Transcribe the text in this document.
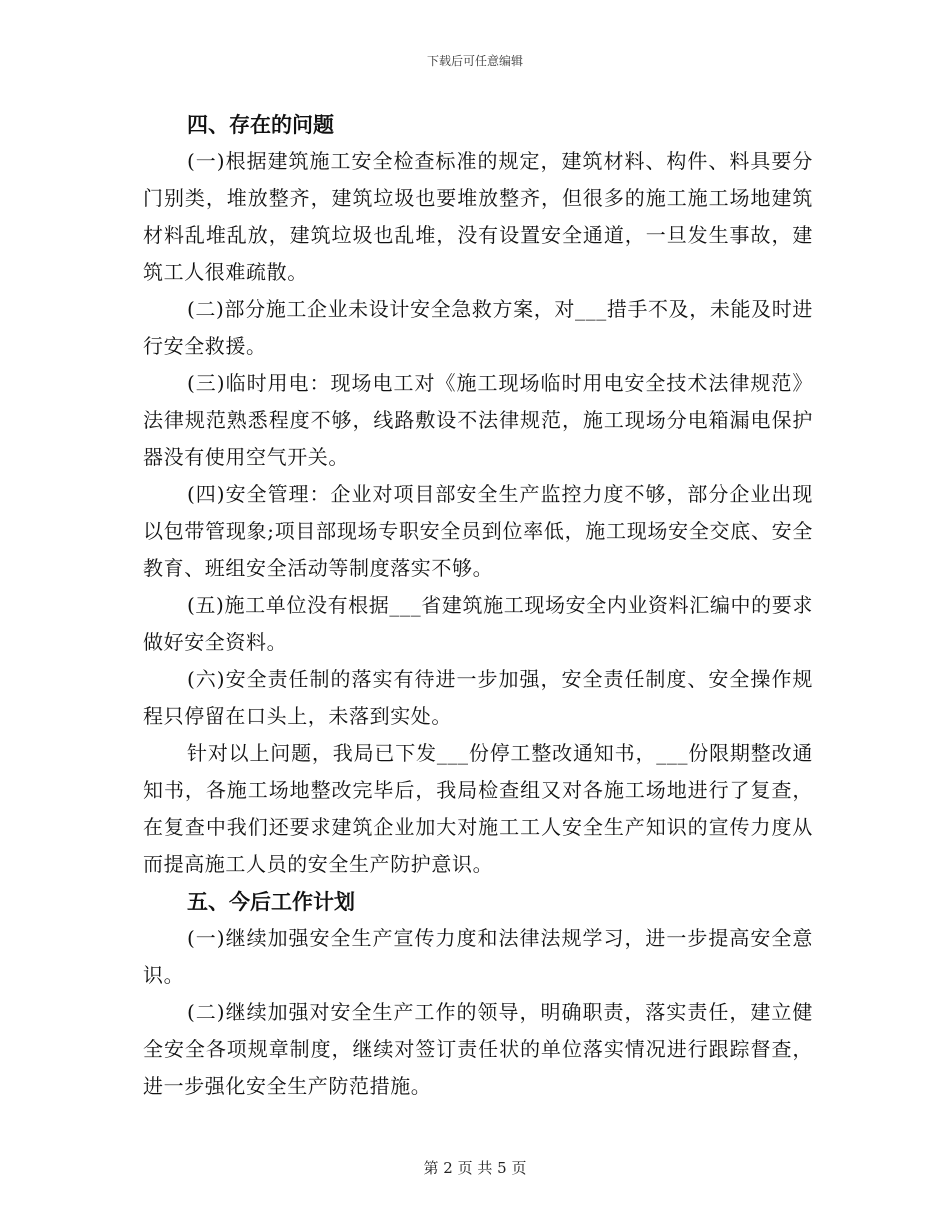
下载后可任意编辑

四、存在的问题

(一)根据建筑施工安全检查标准的规定，建筑材料、构件、料具要分门别类，堆放整齐，建筑垃圾也要堆放整齐，但很多的施工施工场地建筑材料乱堆乱放，建筑垃圾也乱堆，没有设置安全通道，一旦发生事故，建筑工人很难疏散。

(二)部分施工企业未设计安全急救方案，对___措手不及，未能及时进行安全救援。

(三)临时用电：现场电工对《施工现场临时用电安全技术法律规范》法律规范熟悉程度不够，线路敷设不法律规范，施工现场分电箱漏电保护器没有使用空气开关。

(四)安全管理：企业对项目部安全生产监控力度不够，部分企业出现以包带管现象;项目部现场专职安全员到位率低，施工现场安全交底、安全教育、班组安全活动等制度落实不够。

(五)施工单位没有根据___省建筑施工现场安全内业资料汇编中的要求做好安全资料。

(六)安全责任制的落实有待进一步加强，安全责任制度、安全操作规程只停留在口头上，未落到实处。

针对以上问题，我局已下发___份停工整改通知书，___份限期整改通知书，各施工场地整改完毕后，我局检查组又对各施工场地进行了复查，在复查中我们还要求建筑企业加大对施工工人安全生产知识的宣传力度从而提高施工人员的安全生产防护意识。

五、今后工作计划

(一)继续加强安全生产宣传力度和法律法规学习，进一步提高安全意识。

(二)继续加强对安全生产工作的领导，明确职责，落实责任，建立健全安全各项规章制度，继续对签订责任状的单位落实情况进行跟踪督查，进一步强化安全生产防范措施。

第 2 页 共 5 页
